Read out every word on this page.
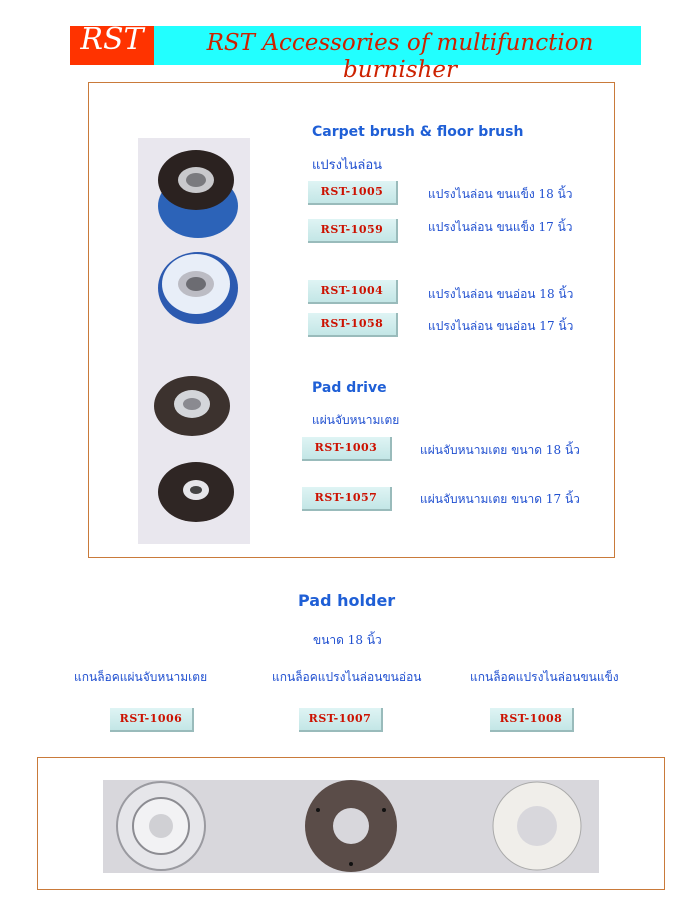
RST	RST Accessories of multifunction
burnisher
Carpet brush & floor brush
แปรงไนล่อน
RST-1005	แปรงไนล่อน ขนแข็ง 18 นิ้ว
RST-1059	แปรงไนล่อน ขนแข็ง 17 นิ้ว
RST-1004	แปรงไนล่อน ขนอ่อน 18 นิ้ว
RST-1058	แปรงไนล่อน ขนอ่อน 17 นิ้ว
Pad drive
แผ่นจับหนามเตย
RST-1003	แผ่นจับหนามเตย ขนาด 18 นิ้ว
RST-1057	แผ่นจับหนามเตย ขนาด 17 นิ้ว
Pad holder
ขนาด 18 นิ้ว
แกนล็อคแผ่นจับหนามเตย	แกนล็อคแปรงไนล่อนขนอ่อน	แกนล็อคแปรงไนล่อนขนแข็ง
RST-1006	RST-1007	RST-1008
